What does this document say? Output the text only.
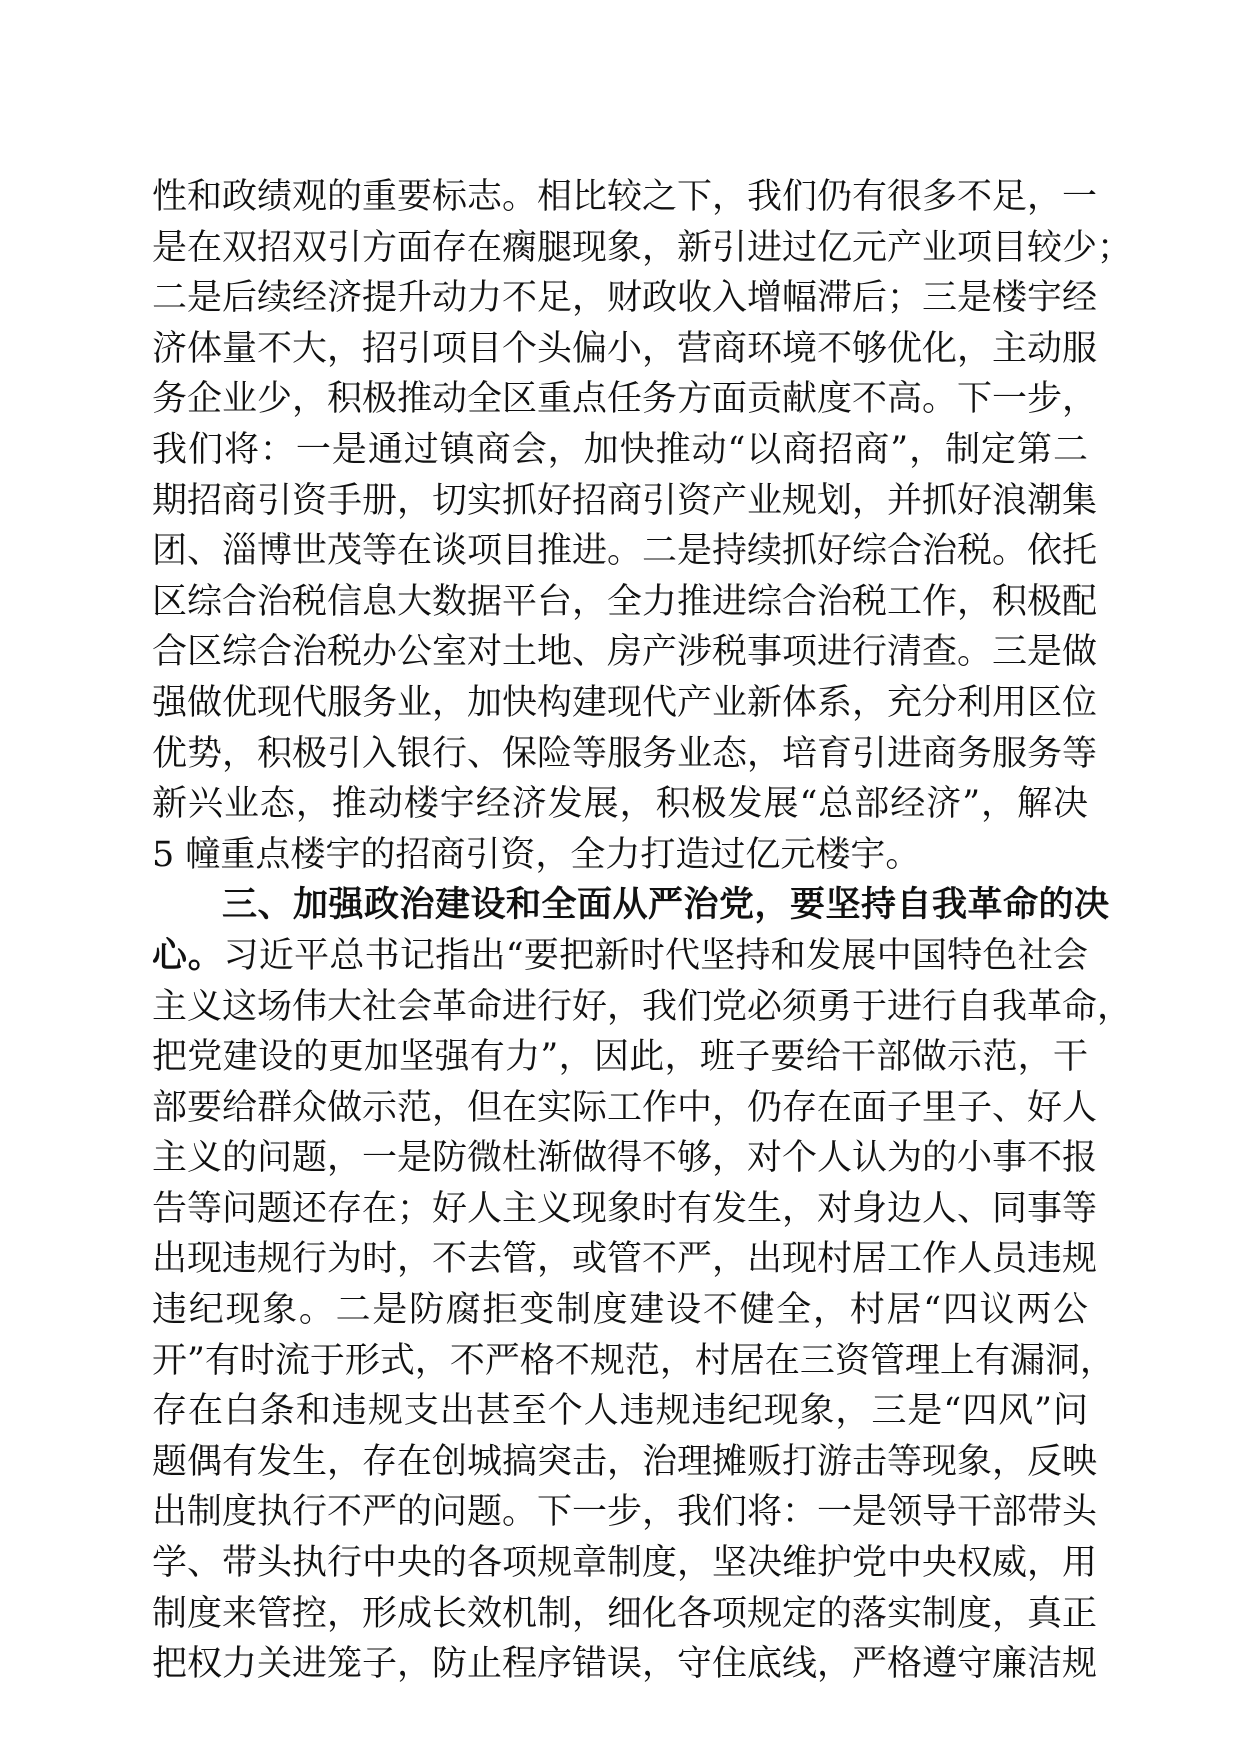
性和政绩观的重要标志。相比较之下，我们仍有很多不足，一
是在双招双引方面存在瘸腿现象，新引进过亿元产业项目较少；
二是后续经济提升动力不足，财政收入增幅滞后；三是楼宇经
济体量不大，招引项目个头偏小，营商环境不够优化，主动服
务企业少，积极推动全区重点任务方面贡献度不高。下一步，
我们将：一是通过镇商会，加快推动“以商招商”，制定第二
期招商引资手册，切实抓好招商引资产业规划，并抓好浪潮集
团、淄博世茂等在谈项目推进。二是持续抓好综合治税。依托
区综合治税信息大数据平台，全力推进综合治税工作，积极配
合区综合治税办公室对土地、房产涉税事项进行清查。三是做
强做优现代服务业，加快构建现代产业新体系，充分利用区位
优势，积极引入银行、保险等服务业态，培育引进商务服务等
新兴业态，推动楼宇经济发展，积极发展“总部经济”，解决
5 幢重点楼宇的招商引资，全力打造过亿元楼宇。
三、加强政治建设和全面从严治党，要坚持自我革命的决
心。习近平总书记指出“要把新时代坚持和发展中国特色社会
主义这场伟大社会革命进行好，我们党必须勇于进行自我革命，
把党建设的更加坚强有力”，因此，班子要给干部做示范，干
部要给群众做示范，但在实际工作中，仍存在面子里子、好人
主义的问题，一是防微杜渐做得不够，对个人认为的小事不报
告等问题还存在；好人主义现象时有发生，对身边人、同事等
出现违规行为时，不去管，或管不严，出现村居工作人员违规
违纪现象。二是防腐拒变制度建设不健全，村居“四议两公
开”有时流于形式，不严格不规范，村居在三资管理上有漏洞，
存在白条和违规支出甚至个人违规违纪现象，三是“四风”问
题偶有发生，存在创城搞突击，治理摊贩打游击等现象，反映
出制度执行不严的问题。下一步，我们将：一是领导干部带头
学、带头执行中央的各项规章制度，坚决维护党中央权威，用
制度来管控，形成长效机制，细化各项规定的落实制度，真正
把权力关进笼子，防止程序错误，守住底线，严格遵守廉洁规
